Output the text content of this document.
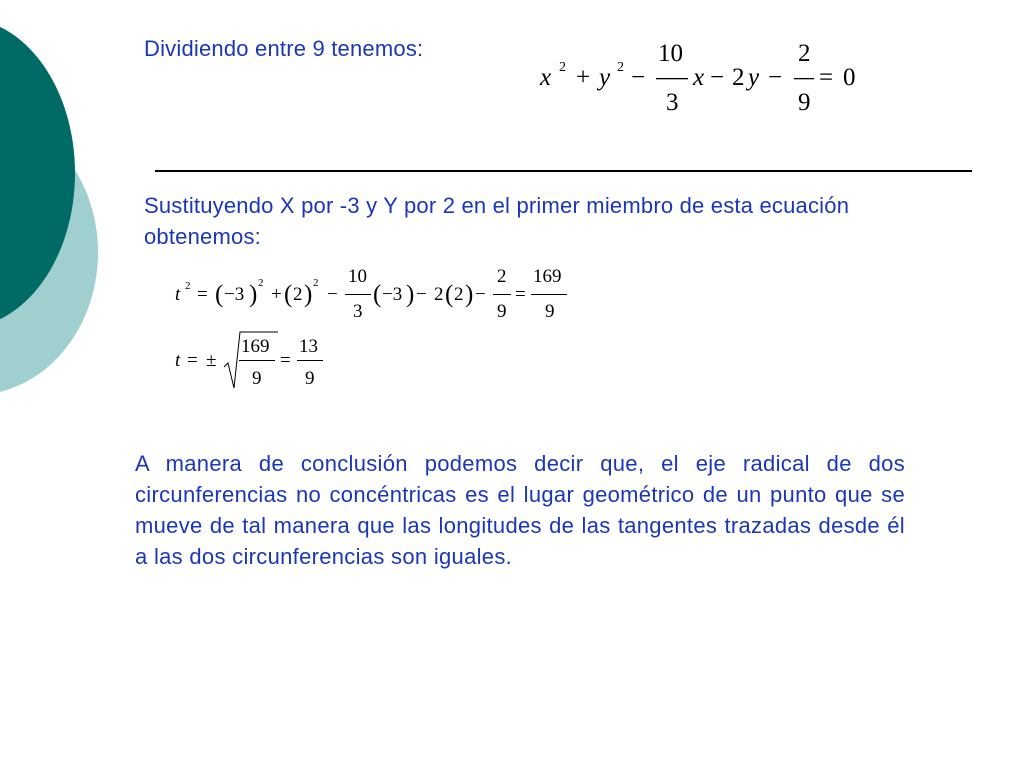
Dividiendo entre 9 tenemos:
x 2 + y 2 −
10
3
x − 2 y −
2
9
= 0
Sustituyendo X por -3 y Y por 2 en el primer miembro de esta ecuación obtenemos:
t 2 = ( −3 ) 2
+ ( 2 ) 2
−
10
3
( −3 ) − 2 ( 2 ) −
2
9
=
169
9
t = ±
169
9
=
13
9
A manera de conclusión podemos decir que, el eje radical de dos circunferencias no concéntricas es el lugar geométrico de un punto que se mueve de tal manera que las longitudes de las tangentes trazadas desde él a las dos circunferencias son iguales.
